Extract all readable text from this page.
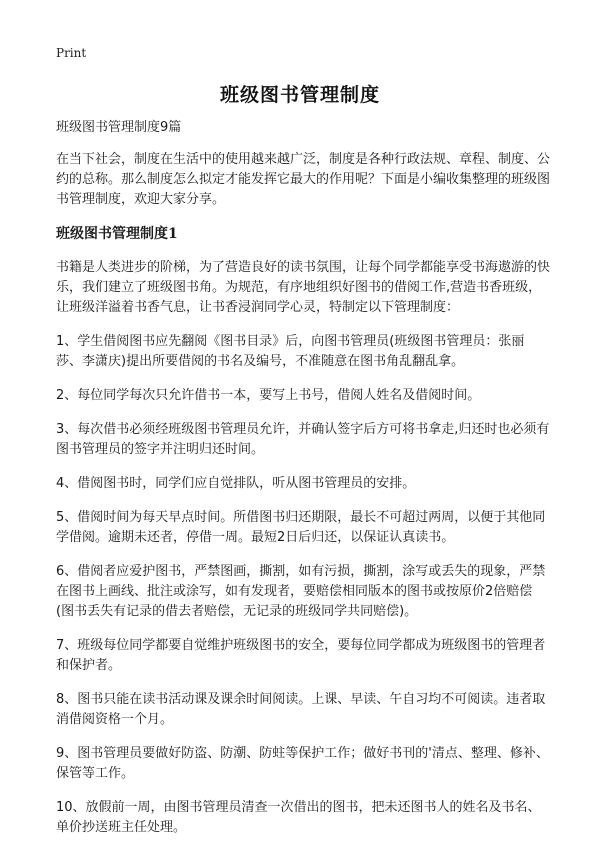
Print
班级图书管理制度

班级图书管理制度9篇

在当下社会，制度在生活中的使用越来越广泛，制度是各种行政法规、章程、制度、公约的总称。那么制度怎么拟定才能发挥它最大的作用呢？下面是小编收集整理的班级图书管理制度，欢迎大家分享。

班级图书管理制度1

书籍是人类进步的阶梯，为了营造良好的读书氛围，让每个同学都能享受书海遨游的快乐，我们建立了班级图书角。为规范，有序地组织好图书的借阅工作,营造书香班级，让班级洋溢着书香气息，让书香浸润同学心灵，特制定以下管理制度：

1、学生借阅图书应先翻阅《图书目录》后，向图书管理员(班级图书管理员：张丽莎、李潇庆)提出所要借阅的书名及编号，不准随意在图书角乱翻乱拿。

2、每位同学每次只允许借书一本，要写上书号，借阅人姓名及借阅时间。

3、每次借书必须经班级图书管理员允许，并确认签字后方可将书拿走,归还时也必须有图书管理员的签字并注明归还时间。

4、借阅图书时，同学们应自觉排队，听从图书管理员的安排。

5、借阅时间为每天早点时间。所借图书归还期限，最长不可超过两周，以便于其他同学借阅。逾期未还者，停借一周。最短2日后归还，以保证认真读书。

6、借阅者应爱护图书，严禁图画，撕割，如有污损，撕割，涂写或丢失的现象，严禁在图书上画线、批注或涂写，如有发现者，要赔偿相同版本的图书或按原价2倍赔偿(图书丢失有记录的借去者赔偿，无记录的班级同学共同赔偿)。

7、班级每位同学都要自觉维护班级图书的安全，要每位同学都成为班级图书的管理者和保护者。

8、图书只能在读书活动课及课余时间阅读。上课、早读、午自习均不可阅读。违者取消借阅资格一个月。

9、图书管理员要做好防盗、防潮、防蛀等保护工作；做好书刊的'清点、整理、修补、保管等工作。

10、放假前一周，由图书管理员清查一次借出的图书，把未还图书人的姓名及书名、单价抄送班主任处理。
